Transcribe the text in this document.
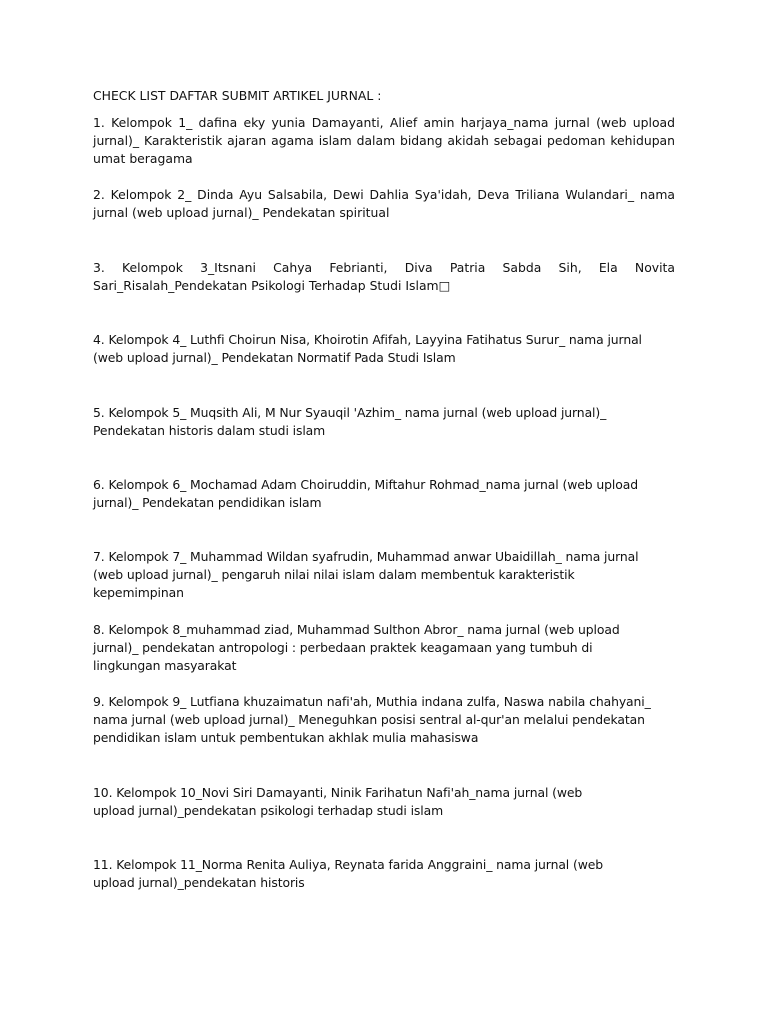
CHECK LIST DAFTAR SUBMIT ARTIKEL JURNAL :
1. Kelompok 1_ dafina eky yunia Damayanti, Alief amin harjaya_nama jurnal (web upload jurnal)_ Karakteristik ajaran agama islam dalam bidang akidah sebagai pedoman kehidupan umat beragama
2. Kelompok 2_ Dinda Ayu Salsabila, Dewi Dahlia Sya'idah, Deva Triliana Wulandari_ nama jurnal (web upload jurnal)_ Pendekatan spiritual
3. Kelompok 3_Itsnani Cahya Febrianti, Diva Patria Sabda Sih, Ela Novita Sari_Risalah_Pendekatan Psikologi Terhadap Studi Islam□
4. Kelompok 4_ Luthfi Choirun Nisa, Khoirotin Afifah, Layyina Fatihatus Surur_ nama jurnal (web upload jurnal)_ Pendekatan Normatif Pada Studi Islam
5. Kelompok 5_ Muqsith Ali, M Nur Syauqil 'Azhim_ nama jurnal (web upload jurnal)_ Pendekatan historis dalam studi islam
6. Kelompok 6_ Mochamad Adam Choiruddin, Miftahur Rohmad_nama jurnal (web upload jurnal)_ Pendekatan pendidikan islam
7. Kelompok 7_ Muhammad Wildan syafrudin, Muhammad anwar Ubaidillah_ nama jurnal (web upload jurnal)_ pengaruh nilai nilai islam dalam membentuk karakteristik kepemimpinan
8. Kelompok 8_muhammad ziad, Muhammad Sulthon Abror_ nama jurnal (web upload jurnal)_ pendekatan antropologi : perbedaan praktek keagamaan yang tumbuh di lingkungan masyarakat
9. Kelompok 9_ Lutfiana khuzaimatun nafi'ah, Muthia indana zulfa, Naswa nabila chahyani_ nama jurnal (web upload jurnal)_ Meneguhkan posisi sentral al-qur'an melalui pendekatan pendidikan islam untuk pembentukan akhlak mulia mahasiswa
10. Kelompok 10_Novi Siri Damayanti, Ninik Farihatun Nafi'ah_nama jurnal (web upload jurnal)_pendekatan psikologi terhadap studi islam
11. Kelompok 11_Norma Renita Auliya, Reynata farida Anggraini_ nama jurnal (web upload jurnal)_pendekatan historis
